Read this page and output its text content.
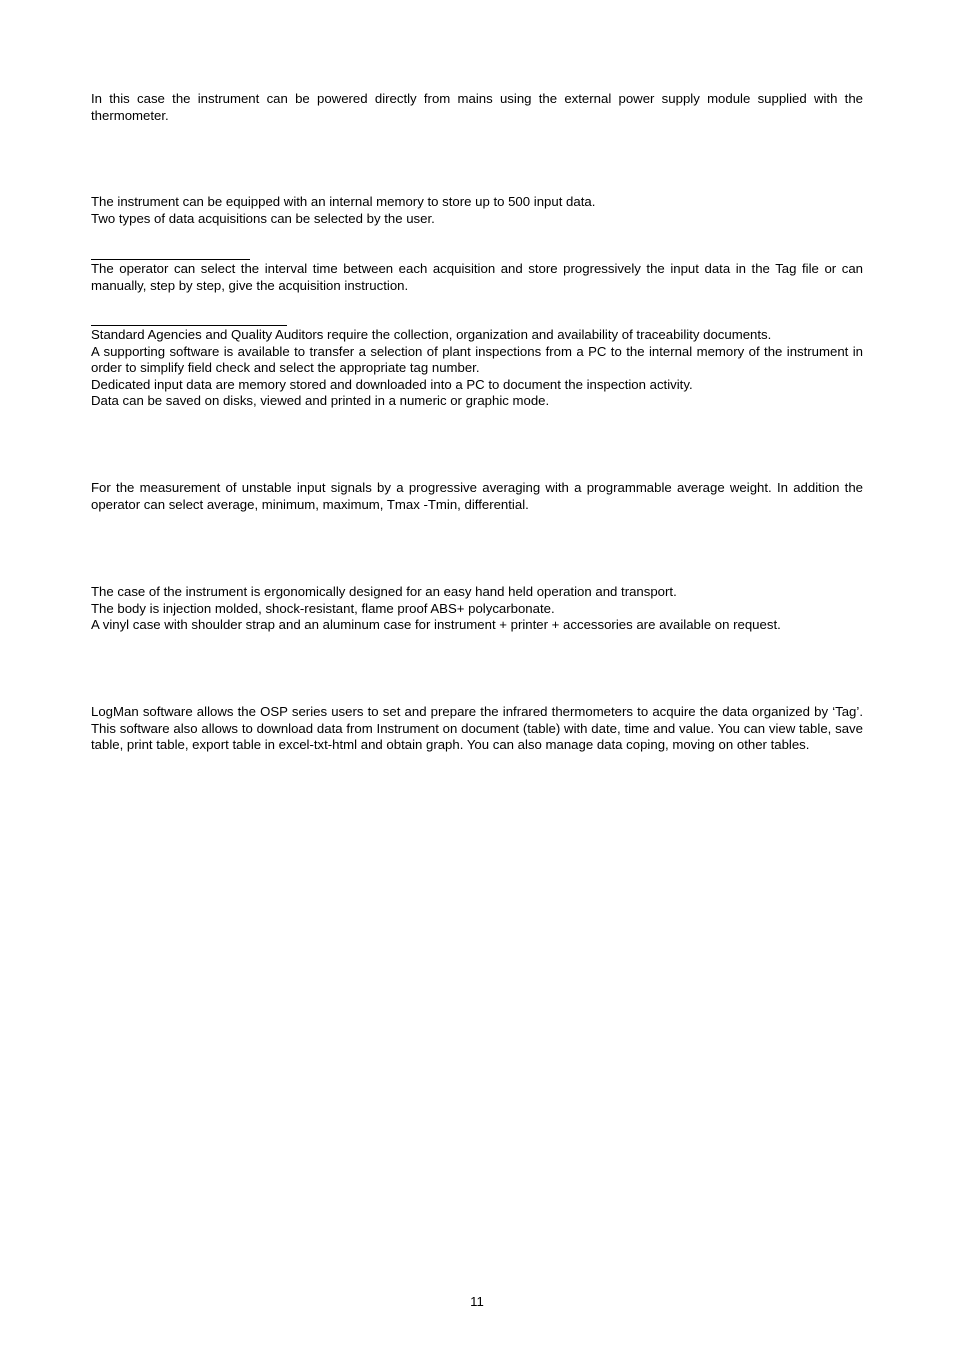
In this case the instrument can be powered directly from mains using the external power supply module supplied with the thermometer.

The instrument can be equipped with an internal memory to store up to 500 input data.

Two types of data acquisitions can be selected by the user.

The operator can select the interval time between each acquisition and store progressively the input data in the Tag file or can manually, step by step, give the acquisition instruction.

Standard Agencies and Quality Auditors require the collection, organization and availability of traceability documents.

A supporting software is available to transfer a selection of plant inspections from a PC to the internal memory of the instrument in order to simplify field check and select the appropriate tag number.

Dedicated input data are memory stored and downloaded into a PC to document the inspection activity.

Data can be saved on disks, viewed and printed in a numeric or graphic mode.

For the measurement of unstable input signals by a progressive averaging with a programmable average weight. In addition the operator can select average, minimum, maximum, Tmax -Tmin, differential.

The case of the instrument is ergonomically designed for an easy hand held operation and transport.

The body is injection molded, shock-resistant, flame proof ABS+ polycarbonate.

A vinyl case with shoulder strap and an aluminum case for instrument + printer + accessories are available on request.

LogMan software allows the OSP series users to set and prepare the infrared thermometers to acquire the data organized by ‘Tag’. This software also allows to download data from Instrument on document (table) with date, time and value. You can view table, save table, print table, export table in excel-txt-html and obtain graph. You can also manage data coping, moving on other tables.

11
